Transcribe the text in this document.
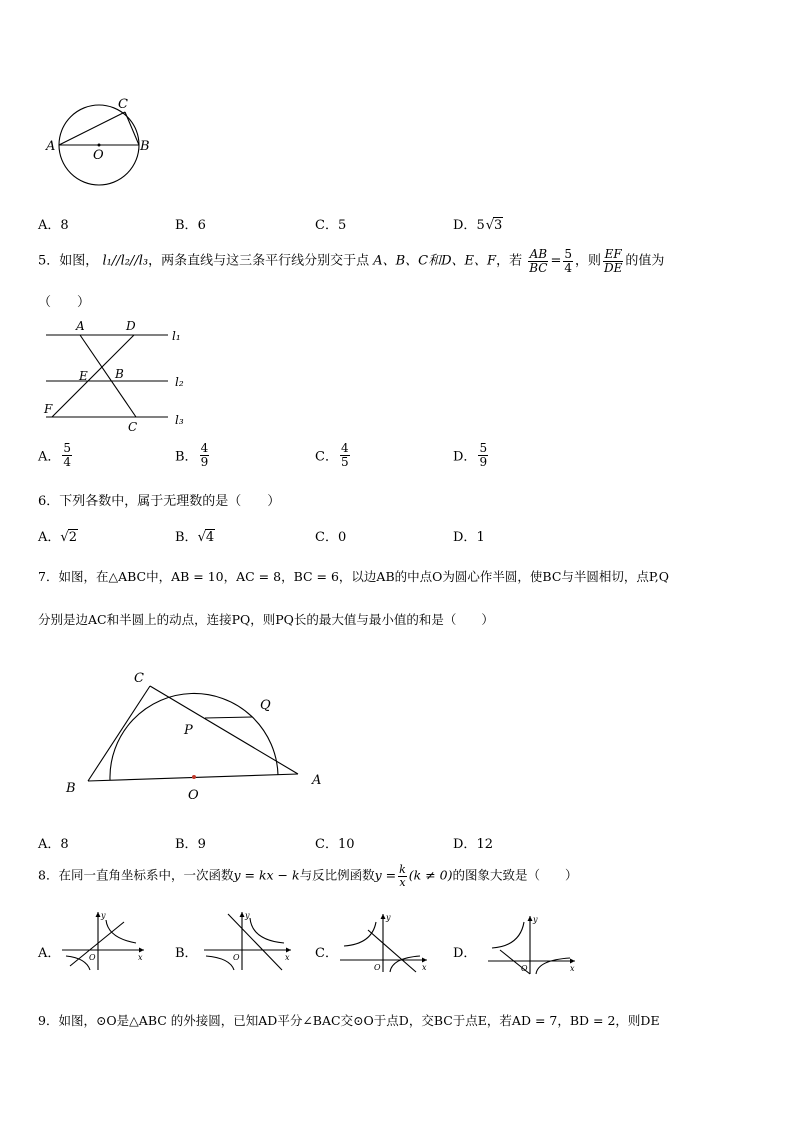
C
A	B
O
A．8	B．6	C．5	D．5√3
5．如图， l₁//l₂//l₃，两条直线与这三条平行线分别交于点 A、B、C和D、E、F，若 $\frac{AB}{BC} = \frac{5}{4}$ ，则 $\frac{EF}{DE}$ 的值为
（　　）
A	D
E B
F
C
l₁
l₂
l₃
A． $\frac{5}{4}$	B． $\frac{4}{9}$	C． $\frac{4}{5}$	D． $\frac{5}{9}$
6．下列各数中，属于无理数的是（　　）
A．√2	B．√4	C．0	D．1
7．如图，在△ABC中，AB = 10，AC = 8，BC = 6，以边AB的中点O为圆心作半圆，使BC与半圆相切，点P,Q
分别是边AC和半圆上的动点，连接PQ，则PQ长的最大值与最小值的和是（　　）
C
Q
P
B	O
A
A．8	B．9	C．10	D．12
8．在同一直角坐标系中，一次函数y = kx − k与反比例函数$y = \frac{k}{x} (k \ne 0)$的图象大致是（　　）
A．
y
x
O	B．
y
x
O	C．
y
x
O
D．
y
x
O
9．如图，⊙O是△ABC 的外接圆，已知AD平分∠BAC交⊙O于点D，交BC于点E，若AD = 7，BD = 2，则DE
